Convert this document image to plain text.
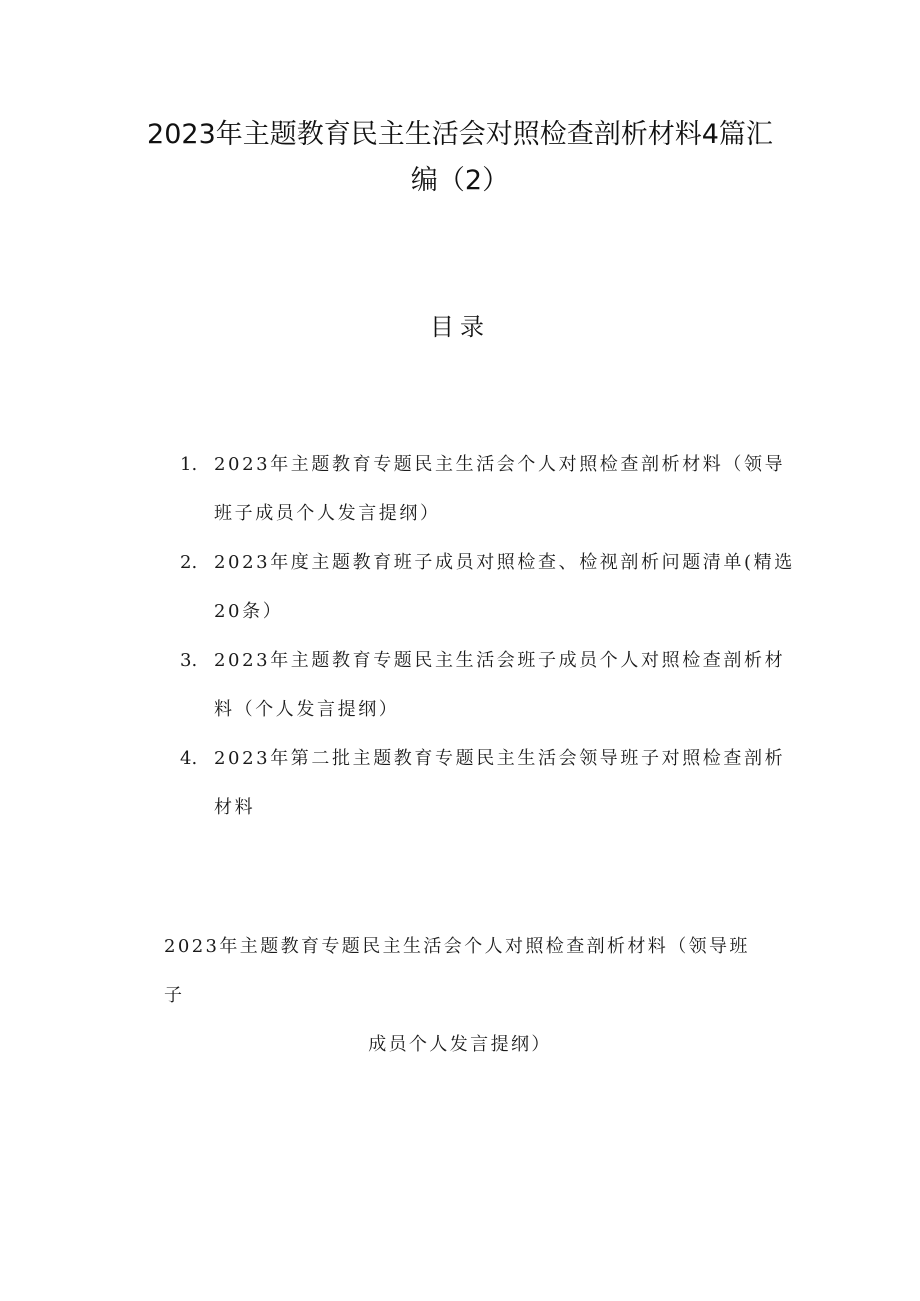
2023年主题教育民主生活会对照检查剖析材料4篇汇
编（2）
目录
1. 2023年主题教育专题民主生活会个人对照检查剖析材料（领导班子成员个人发言提纲）
2. 2023年度主题教育班子成员对照检查、检视剖析问题清单(精选20条）
3. 2023年主题教育专题民主生活会班子成员个人对照检查剖析材料（个人发言提纲）
4. 2023年第二批主题教育专题民主生活会领导班子对照检查剖析材料
2023年主题教育专题民主生活会个人对照检查剖析材料（领导班子
成员个人发言提纲）
